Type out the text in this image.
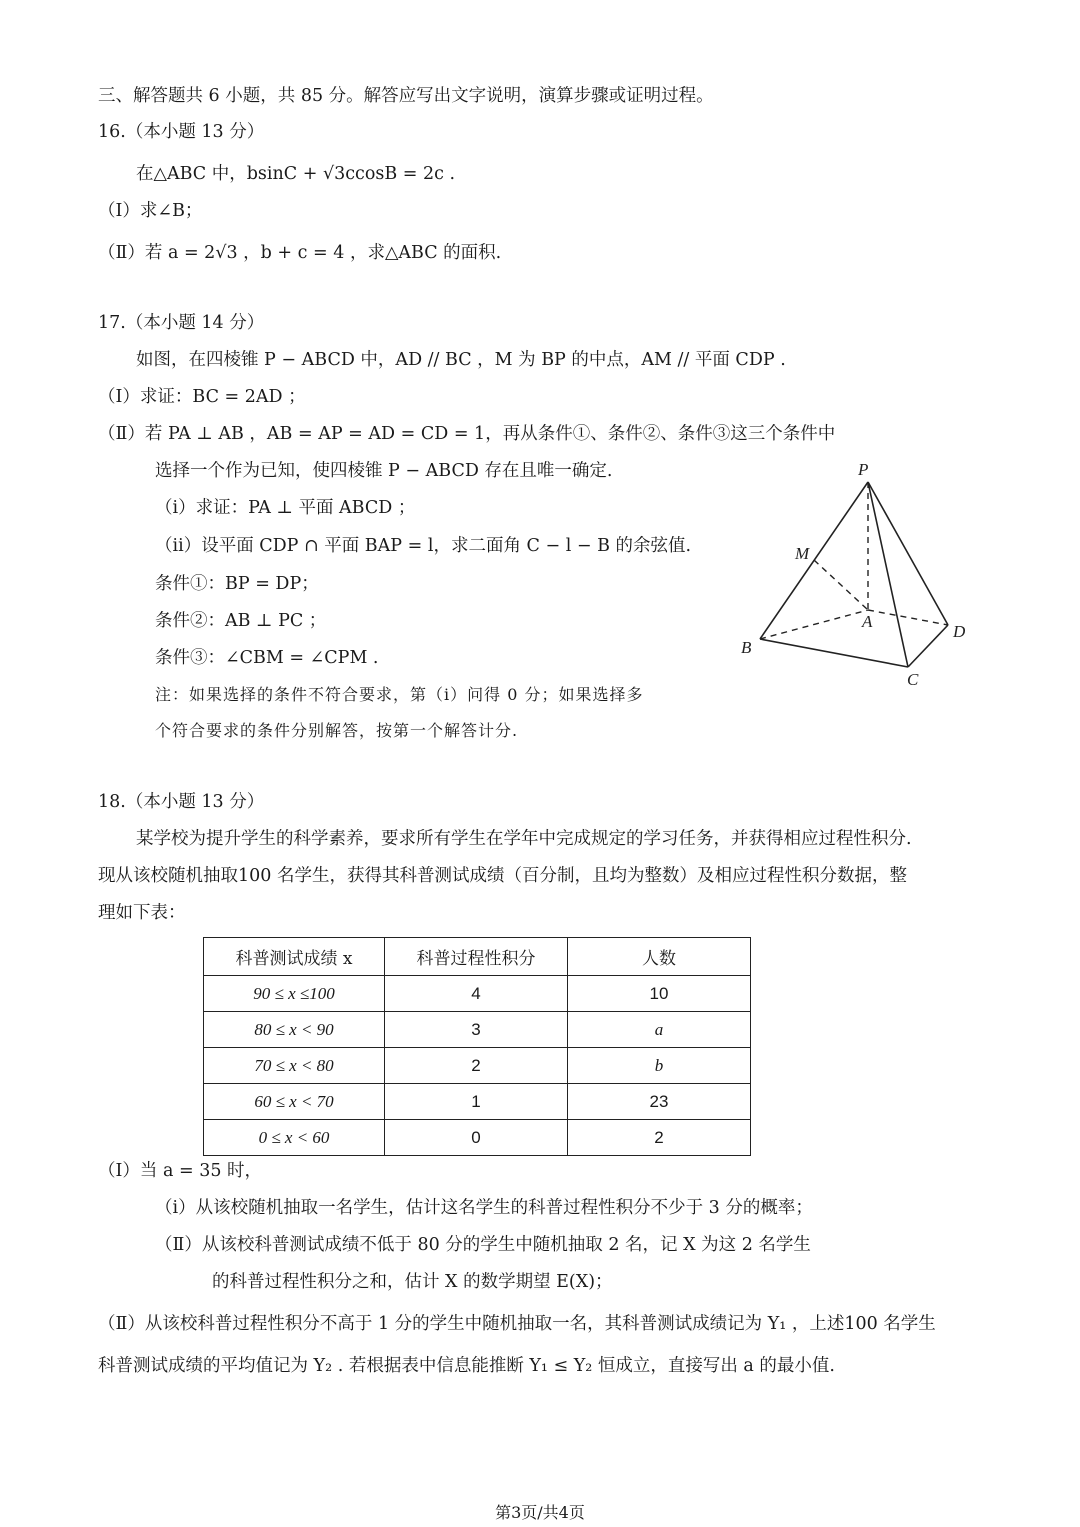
三、解答题共 6 小题，共 85 分。解答应写出文字说明，演算步骤或证明过程。
16.（本小题 13 分）
在△ABC 中，bsinC + √3ccosB = 2c .
（Ⅰ）求∠B；
（Ⅱ）若 a = 2√3 ，b + c = 4 ，求△ABC 的面积.
17.（本小题 14 分）
如图，在四棱锥 P − ABCD 中，AD // BC ，M 为 BP 的中点，AM // 平面 CDP .
（Ⅰ）求证：BC = 2AD ；
（Ⅱ）若 PA ⊥ AB ，AB = AP = AD = CD = 1，再从条件①、条件②、条件③这三个条件中
选择一个作为已知，使四棱锥 P − ABCD 存在且唯一确定.
（ⅰ）求证：PA ⊥ 平面 ABCD ；
（ⅱ）设平面 CDP ∩ 平面 BAP = l，求二面角 C − l − B 的余弦值.
条件①：BP = DP；
条件②：AB ⊥ PC ；
条件③：∠CBM = ∠CPM .
注：如果选择的条件不符合要求，第（ⅰ）问得 0 分；如果选择多
个符合要求的条件分别解答，按第一个解答计分.
P
M
A
B
C
D
18.（本小题 13 分）
某学校为提升学生的科学素养，要求所有学生在学年中完成规定的学习任务，并获得相应过程性积分.
现从该校随机抽取100 名学生，获得其科普测试成绩（百分制，且均为整数）及相应过程性积分数据，整
理如下表：
科普测试成绩 x	科普过程性积分	人数
90 ≤ x ≤100	4	10
80 ≤ x < 90	3	a
70 ≤ x < 80	2	b
60 ≤ x < 70	1	23
0 ≤ x < 60	0	2
（Ⅰ）当 a = 35 时，
（ⅰ）从该校随机抽取一名学生，估计这名学生的科普过程性积分不少于 3 分的概率；
（Ⅱ）从该校科普测试成绩不低于 80 分的学生中随机抽取 2 名，记 X 为这 2 名学生
的科普过程性积分之和，估计 X 的数学期望 E(X)；
（Ⅱ）从该校科普过程性积分不高于 1 分的学生中随机抽取一名，其科普测试成绩记为 Y₁ ，上述100 名学生
科普测试成绩的平均值记为 Y₂ . 若根据表中信息能推断 Y₁ ≤ Y₂ 恒成立，直接写出 a 的最小值.
第3页/共4页
